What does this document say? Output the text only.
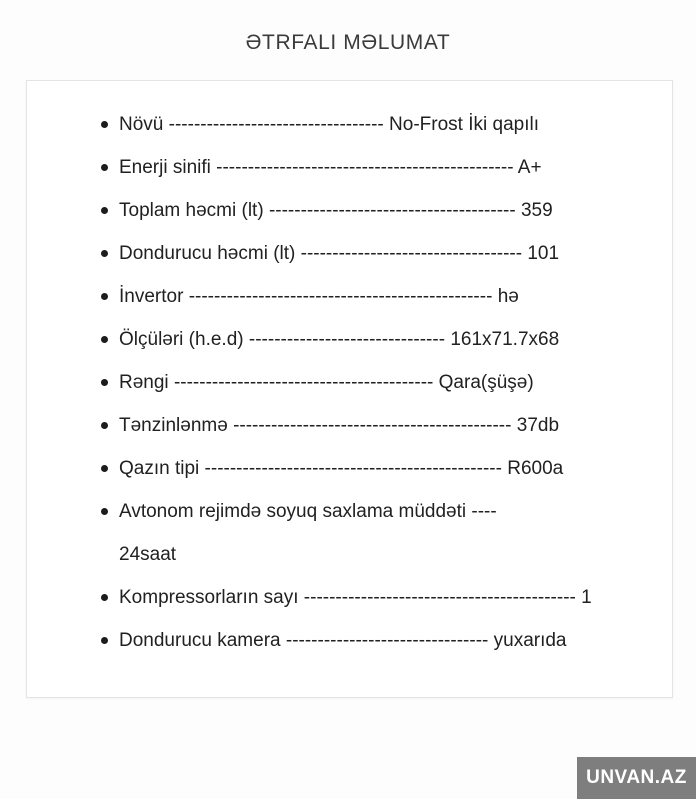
ƏTRFALI MƏLUMAT
Növü ---------------------------------- No-Frost İki qapılı
Enerji sinifi ----------------------------------------------- A+
Toplam həcmi (lt) --------------------------------------- 359
Dondurucu həcmi (lt) ----------------------------------- 101
İnvertor ------------------------------------------------ hə
Ölçüləri (h.e.d) ------------------------------- 161x71.7x68
Rəngi ----------------------------------------- Qara(şüşə)
Tənzinlənmə -------------------------------------------- 37db
Qazın tipi ----------------------------------------------- R600a
Avtonom rejimdə soyuq saxlama müddəti ----
24saat
Kompressorların sayı ------------------------------------------- 1
Dondurucu kamera -------------------------------- yuxarıda
UNVAN.AZ
